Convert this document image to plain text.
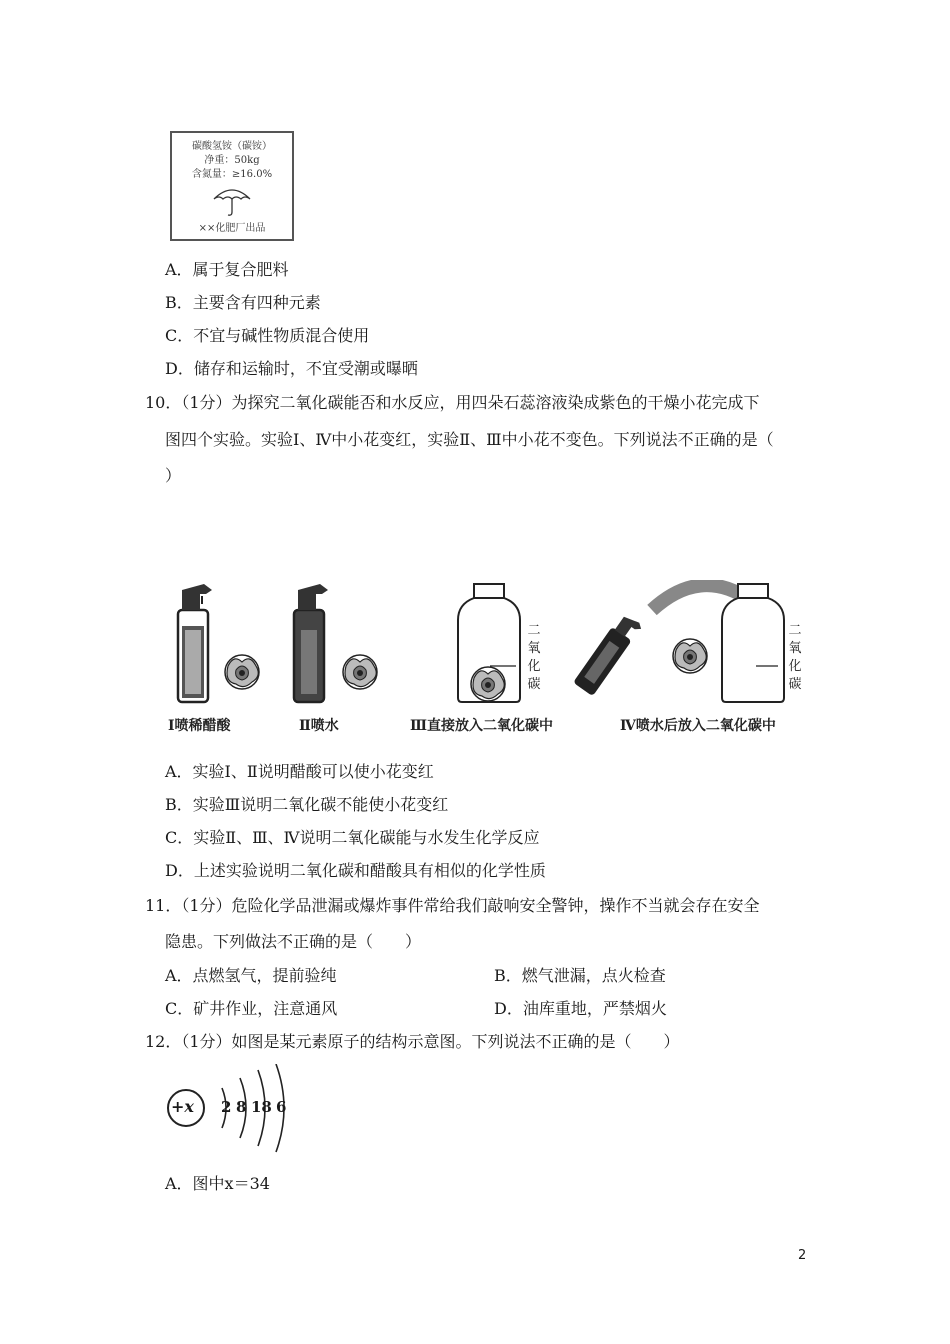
碳酸氢铵（碳铵）
净重：50kg
含氮量：≥16.0%
××化肥厂出品
A．属于复合肥料
B．主要含有四种元素
C．不宜与碱性物质混合使用
D．储存和运输时，不宜受潮或曝晒
10．（1分）为探究二氧化碳能否和水反应，用四朵石蕊溶液染成紫色的干燥小花完成下
图四个实验。实验Ⅰ、Ⅳ中小花变红，实验Ⅱ、Ⅲ中小花不变色。下列说法不正确的是（
）
二
氧
化
碳
二
氧
化
碳
Ⅰ喷稀醋酸	Ⅱ喷水	Ⅲ直接放入二氧化碳中	Ⅳ喷水后放入二氧化碳中
A．实验Ⅰ、Ⅱ说明醋酸可以使小花变红
B．实验Ⅲ说明二氧化碳不能使小花变红
C．实验Ⅱ、Ⅲ、Ⅳ说明二氧化碳能与水发生化学反应
D．上述实验说明二氧化碳和醋酸具有相似的化学性质
11．（1分）危险化学品泄漏或爆炸事件常给我们敲响安全警钟，操作不当就会存在安全
隐患。下列做法不正确的是（　　）
A．点燃氢气，提前验纯	B．燃气泄漏，点火检查
C．矿井作业，注意通风	D．油库重地，严禁烟火
12．（1分）如图是某元素原子的结构示意图。下列说法不正确的是（　　）
+x 2 8 18 6
A．图中x＝34
2
